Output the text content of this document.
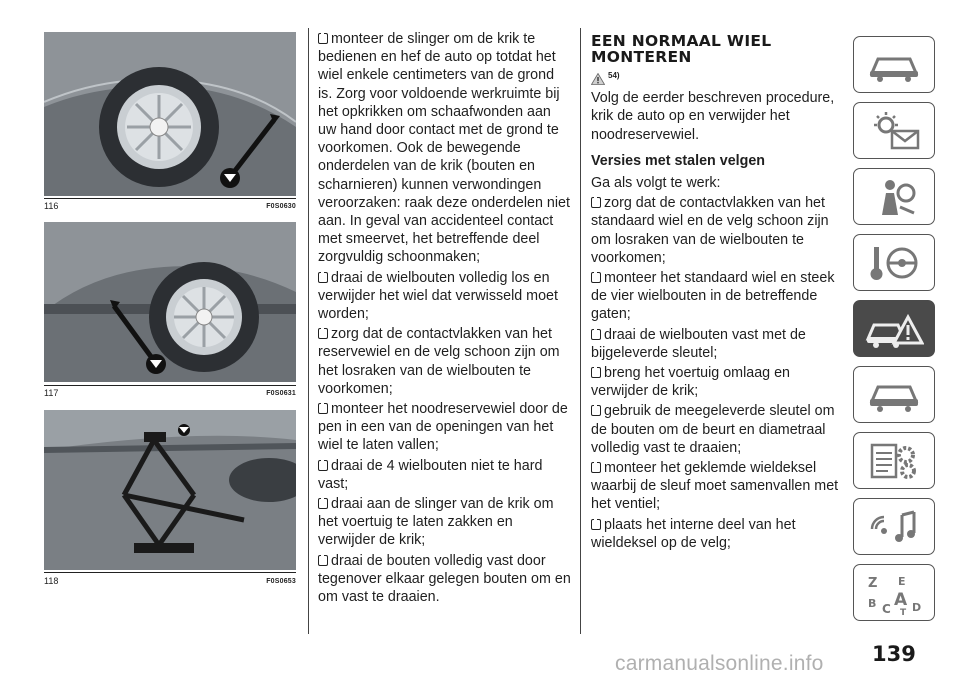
116	F0S0630
117	F0S0631
118	F0S0653

monteer de slinger om de krik te bedienen en hef de auto op totdat het wiel enkele centimeters van de grond is. Zorg voor voldoende werkruimte bij het opkrikken om schaafwonden aan uw hand door contact met de grond te voorkomen. Ook de bewegende onderdelen van de krik (bouten en scharnieren) kunnen verwondingen veroorzaken: raak deze onderdelen niet aan. In geval van accidenteel contact met smeervet, het betreffende deel zorgvuldig schoonmaken;

draai de wielbouten volledig los en verwijder het wiel dat verwisseld moet worden;

zorg dat de contactvlakken van het reservewiel en de velg schoon zijn om het losraken van de wielbouten te voorkomen;

monteer het noodreservewiel door de pen in een van de openingen van het wiel te laten vallen;

draai de 4 wielbouten niet te hard vast;

draai aan de slinger van de krik om het voertuig te laten zakken en verwijder de krik;

draai de bouten volledig vast door tegenover elkaar gelegen bouten om en om vast te draaien.

EEN NORMAAL WIEL MONTEREN
54)

Volg de eerder beschreven procedure, krik de auto op en verwijder het noodreservewiel.

Versies met stalen velgen

Ga als volgt te werk:

zorg dat de contactvlakken van het standaard wiel en de velg schoon zijn om losraken van de wielbouten te voorkomen;

monteer het standaard wiel en steek de vier wielbouten in de betreffende gaten;

draai de wielbouten vast met de bijgeleverde sleutel;

breng het voertuig omlaag en verwijder de krik;

gebruik de meegeleverde sleutel om de bouten om de beurt en diametraal volledig vast te draaien;

monteer het geklemde wieldeksel waarbij de sleuf moet samenvallen met het ventiel;

plaats het interne deel van het wieldeksel op de velg;

Z E
B A
C D
T
139
carmanualsonline.info
